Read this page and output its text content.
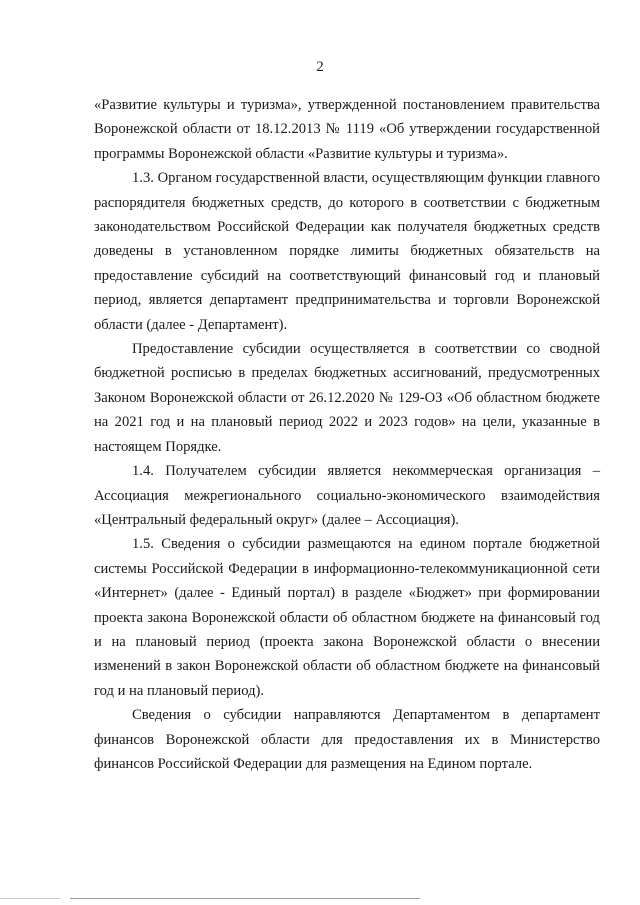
2

«Развитие культуры и туризма», утвержденной постановлением правительства Воронежской области от 18.12.2013 № 1119 «Об утверждении государственной программы Воронежской области «Развитие культуры и туризма».

1.3. Органом государственной власти, осуществляющим функции главного распорядителя бюджетных средств, до которого в соответствии с бюджетным законодательством Российской Федерации как получателя бюджетных средств доведены в установленном порядке лимиты бюджетных обязательств на предоставление субсидий на соответствующий финансовый год и плановый период, является департамент предпринимательства и торговли Воронежской области (далее - Департамент).

Предоставление субсидии осуществляется в соответствии со сводной бюджетной росписью в пределах бюджетных ассигнований, предусмотренных Законом Воронежской области от 26.12.2020 № 129-ОЗ «Об областном бюджете на 2021 год и на плановый период 2022 и 2023 годов» на цели, указанные в настоящем Порядке.

1.4. Получателем субсидии является некоммерческая организация – Ассоциация межрегионального социально-экономического взаимодействия «Центральный федеральный округ» (далее – Ассоциация).

1.5. Сведения о субсидии размещаются на едином портале бюджетной системы Российской Федерации в информационно-телекоммуникационной сети «Интернет» (далее - Единый портал) в разделе «Бюджет» при формировании проекта закона Воронежской области об областном бюджете на финансовый год и на плановый период (проекта закона Воронежской области о внесении изменений в закон Воронежской области об областном бюджете на финансовый год и на плановый период).

Сведения о субсидии направляются Департаментом в департамент финансов Воронежской области для предоставления их в Министерство финансов Российской Федерации для размещения на Едином портале.
